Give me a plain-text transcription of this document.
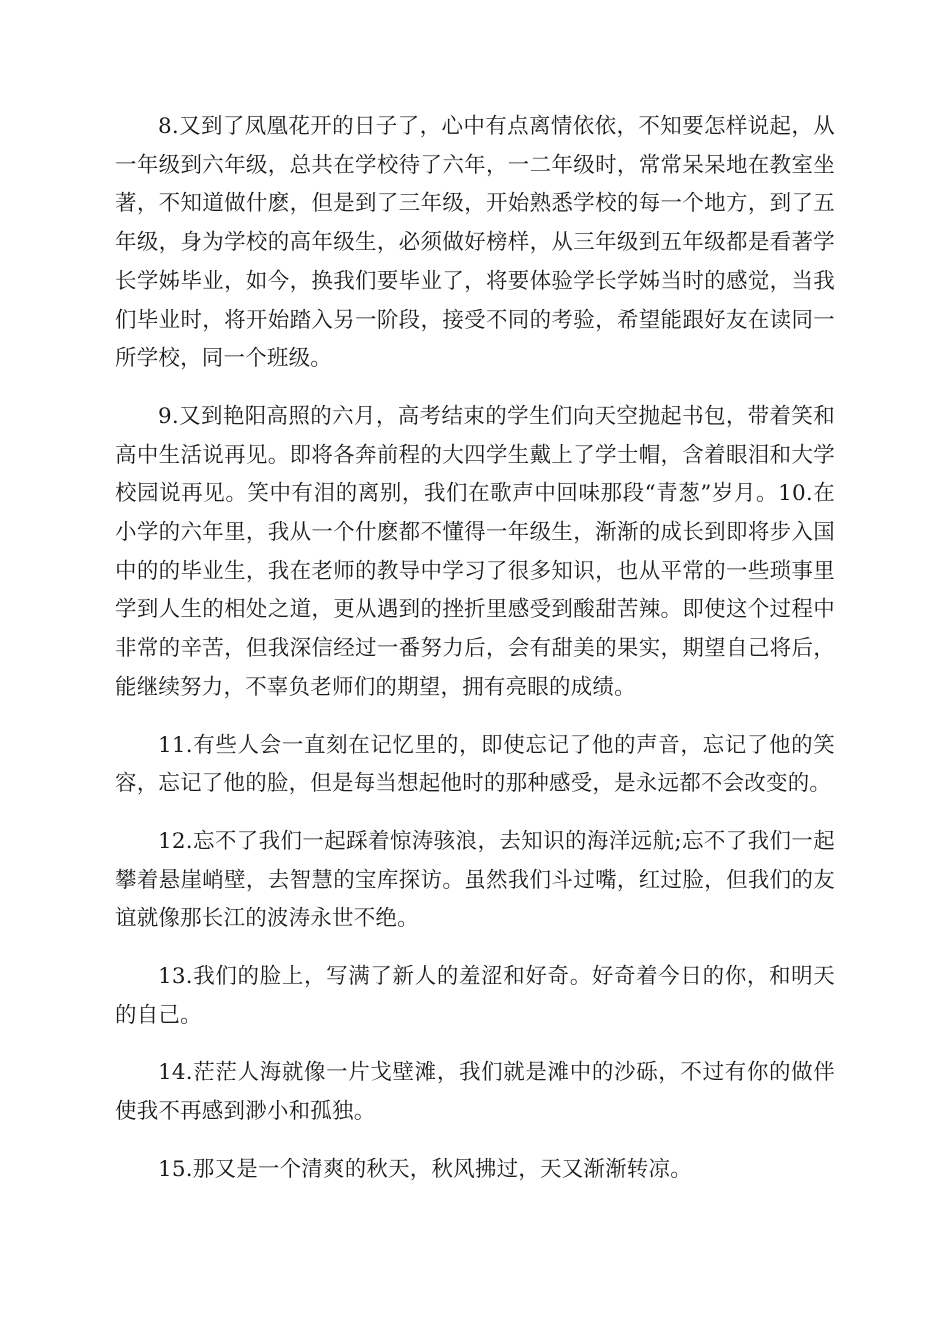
8.又到了凤凰花开的日子了，心中有点离情依依，不知要怎样说起，从一年级到六年级，总共在学校待了六年，一二年级时，常常呆呆地在教室坐著，不知道做什麽，但是到了三年级，开始熟悉学校的每一个地方，到了五年级，身为学校的高年级生，必须做好榜样，从三年级到五年级都是看著学长学姊毕业，如今，换我们要毕业了，将要体验学长学姊当时的感觉，当我们毕业时，将开始踏入另一阶段，接受不同的考验，希望能跟好友在读同一所学校，同一个班级。

9.又到艳阳高照的六月，高考结束的学生们向天空抛起书包，带着笑和高中生活说再见。即将各奔前程的大四学生戴上了学士帽，含着眼泪和大学校园说再见。笑中有泪的离别，我们在歌声中回味那段“青葱”岁月。10.在小学的六年里，我从一个什麽都不懂得一年级生，渐渐的成长到即将步入国中的的毕业生，我在老师的教导中学习了很多知识，也从平常的一些琐事里学到人生的相处之道，更从遇到的挫折里感受到酸甜苦辣。即使这个过程中非常的辛苦，但我深信经过一番努力后，会有甜美的果实，期望自己将后，能继续努力，不辜负老师们的期望，拥有亮眼的成绩。

11.有些人会一直刻在记忆里的，即使忘记了他的声音，忘记了他的笑容，忘记了他的脸，但是每当想起他时的那种感受，是永远都不会改变的。

12.忘不了我们一起踩着惊涛骇浪，去知识的海洋远航;忘不了我们一起攀着悬崖峭壁，去智慧的宝库探访。虽然我们斗过嘴，红过脸，但我们的友谊就像那长江的波涛永世不绝。

13.我们的脸上，写满了新人的羞涩和好奇。好奇着今日的你，和明天的自己。

14.茫茫人海就像一片戈壁滩，我们就是滩中的沙砾，不过有你的做伴使我不再感到渺小和孤独。

15.那又是一个清爽的秋天，秋风拂过，天又渐渐转凉。
